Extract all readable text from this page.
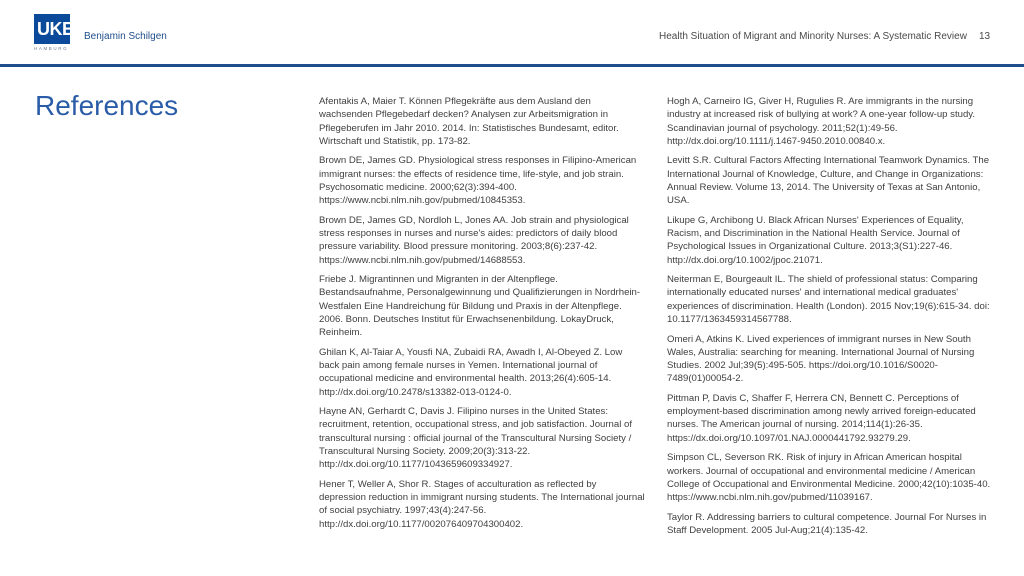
UKE
HAMBURG
Benjamin Schilgen	Health Situation of Migrant and Minority Nurses: A Systematic Review 13
References	Afentakis A, Maier T. Können Pflegekräfte aus dem Ausland den wachsenden Pflegebedarf decken? Analysen zur Arbeitsmigration in Pflegeberufen im Jahr 2010. 2014. In: Statistisches Bundesamt, editor. Wirtschaft und Statistik, pp. 173-82.

Brown DE, James GD. Physiological stress responses in Filipino-American immigrant nurses: the effects of residence time, life-style, and job strain. Psychosomatic medicine. 2000;62(3):394-400. https://www.ncbi.nlm.nih.gov/pubmed/10845353.

Brown DE, James GD, Nordloh L, Jones AA. Job strain and physiological stress responses in nurses and nurse's aides: predictors of daily blood pressure variability. Blood pressure monitoring. 2003;8(6):237-42. https://www.ncbi.nlm.nih.gov/pubmed/14688553.

Friebe J. Migrantinnen und Migranten in der Altenpflege. Bestandsaufnahme, Personalgewinnung und Qualifizierungen in Nordrhein-Westfalen Eine Handreichung für Bildung und Praxis in der Altenpflege. 2006. Bonn. Deutsches Institut für Erwachsenenbildung. LokayDruck, Reinheim.

Ghilan K, Al-Taiar A, Yousfi NA, Zubaidi RA, Awadh I, Al-Obeyed Z. Low back pain among female nurses in Yemen. International journal of occupational medicine and environmental health. 2013;26(4):605-14. http://dx.doi.org/10.2478/s13382-013-0124-0.

Hayne AN, Gerhardt C, Davis J. Filipino nurses in the United States: recruitment, retention, occupational stress, and job satisfaction. Journal of transcultural nursing : official journal of the Transcultural Nursing Society / Transcultural Nursing Society. 2009;20(3):313-22. http://dx.doi.org/10.1177/1043659609334927.

Hener T, Weller A, Shor R. Stages of acculturation as reflected by depression reduction in immigrant nursing students. The International journal of social psychiatry. 1997;43(4):247-56. http://dx.doi.org/10.1177/002076409704300402.

Hogh A, Carneiro IG, Giver H, Rugulies R. Are immigrants in the nursing industry at increased risk of bullying at work? A one-year follow-up study. Scandinavian journal of psychology. 2011;52(1):49-56. http://dx.doi.org/10.1111/j.1467-9450.2010.00840.x.

Levitt S.R. Cultural Factors Affecting International Teamwork Dynamics. The International Journal of Knowledge, Culture, and Change in Organizations: Annual Review. Volume 13, 2014. The University of Texas at San Antonio, USA.

Likupe G, Archibong U. Black African Nurses' Experiences of Equality, Racism, and Discrimination in the National Health Service. Journal of Psychological Issues in Organizational Culture. 2013;3(S1):227-46. http://dx.doi.org/10.1002/jpoc.21071.

Neiterman E, Bourgeault IL. The shield of professional status: Comparing internationally educated nurses' and international medical graduates' experiences of discrimination. Health (London). 2015 Nov;19(6):615-34. doi: 10.1177/1363459314567788.

Omeri A, Atkins K. Lived experiences of immigrant nurses in New South Wales, Australia: searching for meaning. International Journal of Nursing Studies. 2002 Jul;39(5):495-505. https://doi.org/10.1016/S0020-7489(01)00054-2.

Pittman P, Davis C, Shaffer F, Herrera CN, Bennett C. Perceptions of employment-based discrimination among newly arrived foreign-educated nurses. The American journal of nursing. 2014;114(1):26-35. https://dx.doi.org/10.1097/01.NAJ.0000441792.93279.29.

Simpson CL, Severson RK. Risk of injury in African American hospital workers. Journal of occupational and environmental medicine / American College of Occupational and Environmental Medicine. 2000;42(10):1035-40. https://www.ncbi.nlm.nih.gov/pubmed/11039167.

Taylor R. Addressing barriers to cultural competence. Journal For Nurses in Staff Development. 2005 Jul-Aug;21(4):135-42.
